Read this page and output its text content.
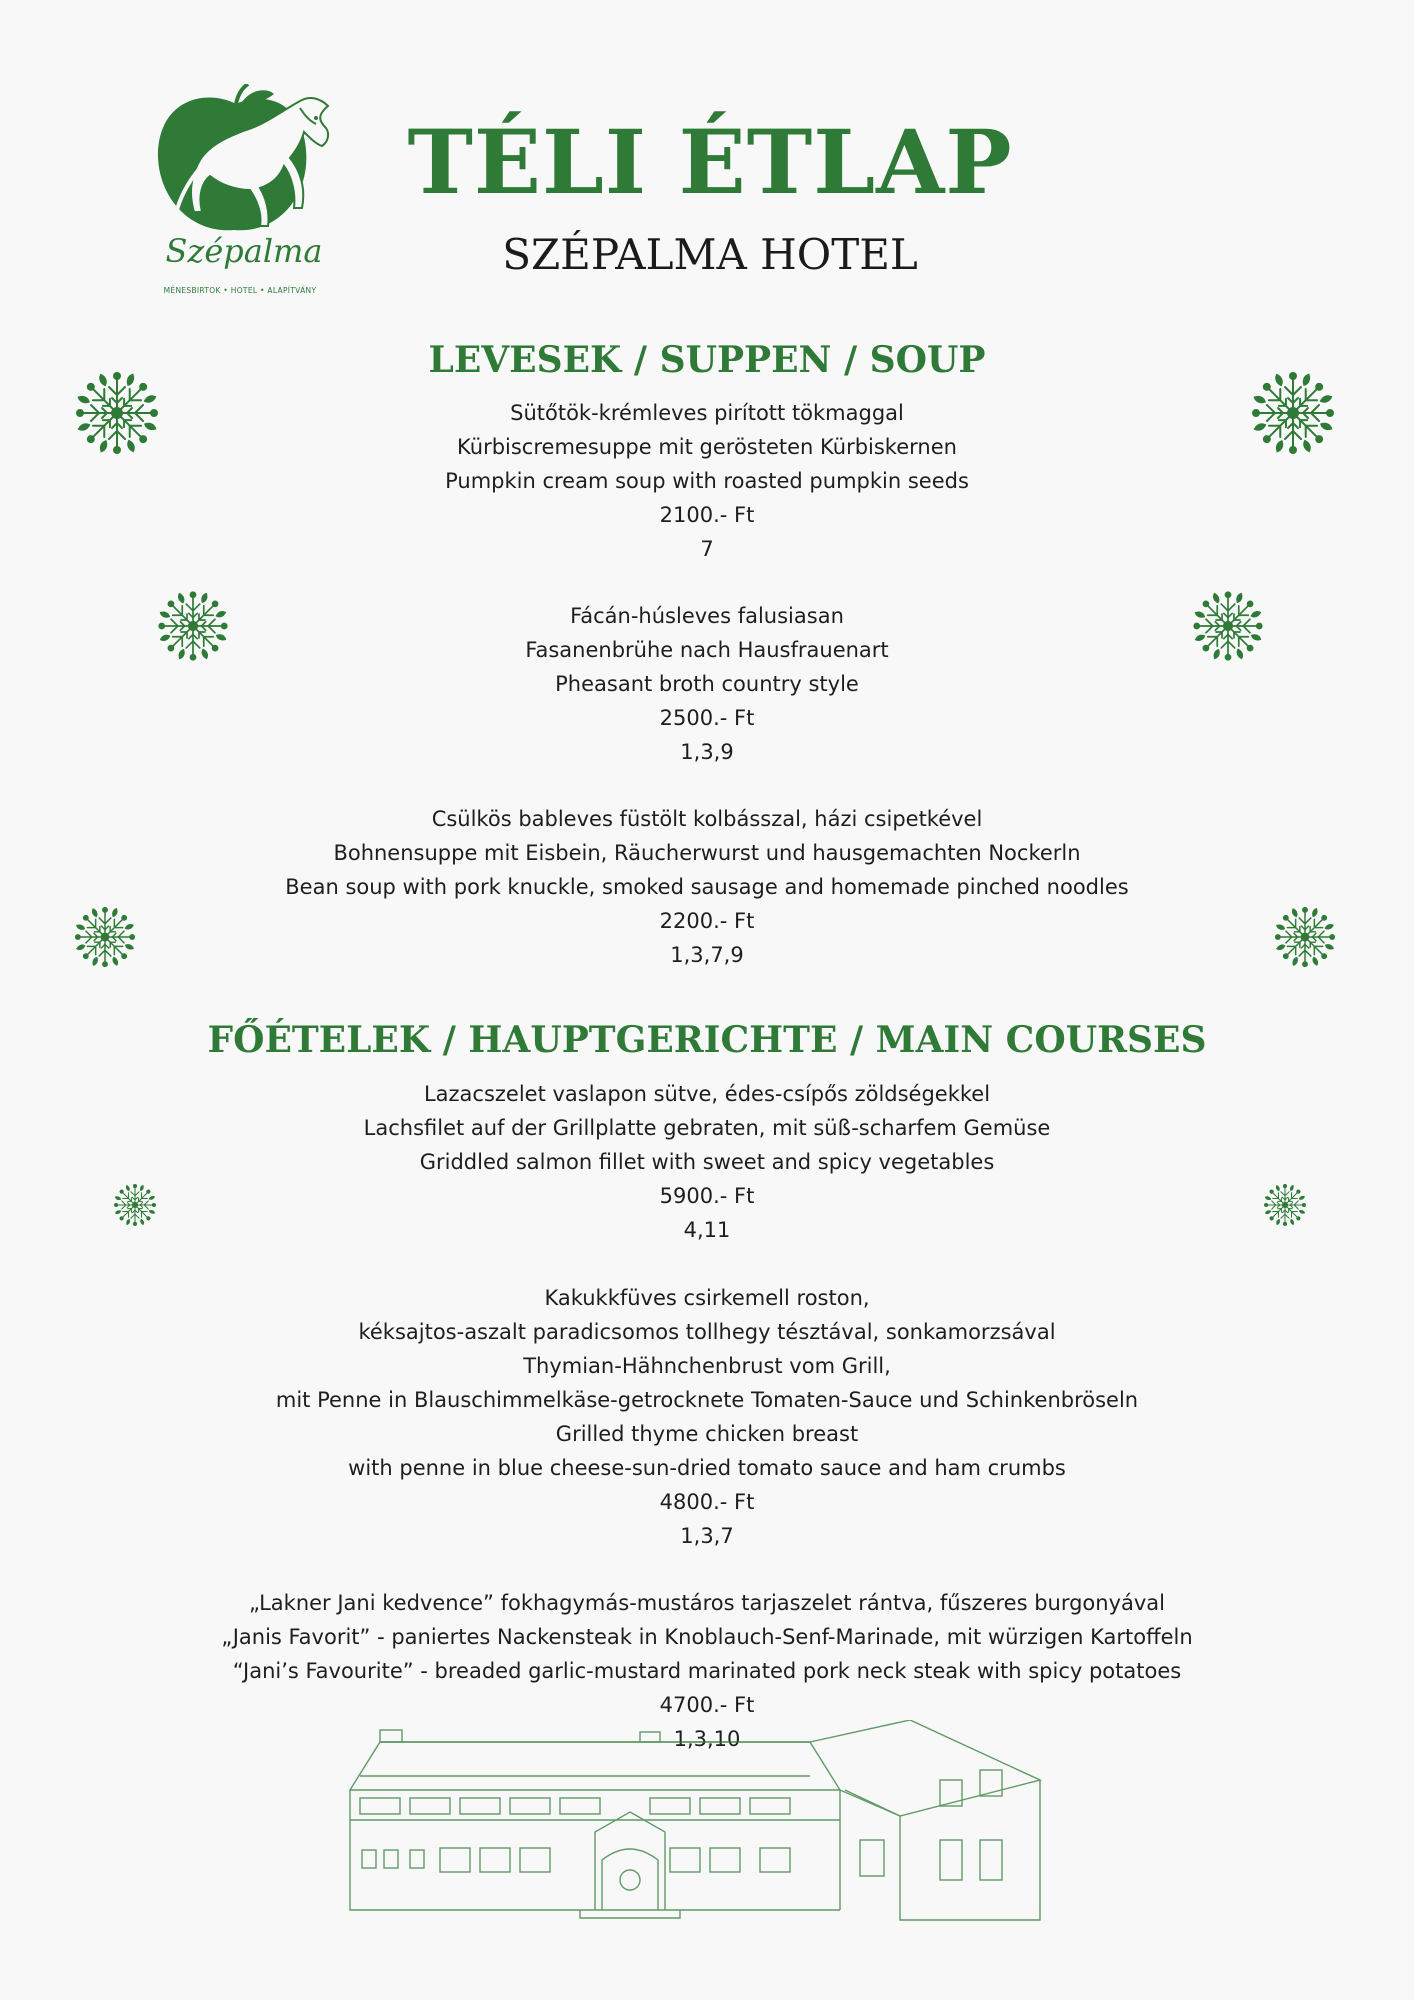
Szépalma
MÉNESBIRTOK • HOTEL • ALAPÍTVÁNY
TÉLI ÉTLAP
SZÉPALMA HOTEL
LEVESEK / SUPPEN / SOUP
FŐÉTELEK / HAUPTGERICHTE / MAIN COURSES
Sütőtök-krémleves pirított tökmaggal
Kürbiscremesuppe mit gerösteten Kürbiskernen
Pumpkin cream soup with roasted pumpkin seeds
2100.- Ft
7
Fácán-húsleves falusiasan
Fasanenbrühe nach Hausfrauenart
Pheasant broth country style
2500.- Ft
1,3,9
Csülkös bableves füstölt kolbásszal, házi csipetkével
Bohnensuppe mit Eisbein, Räucherwurst und hausgemachten Nockerln
Bean soup with pork knuckle, smoked sausage and homemade pinched noodles
2200.- Ft
1,3,7,9
Lazacszelet vaslapon sütve, édes-csípős zöldségekkel
Lachsfilet auf der Grillplatte gebraten, mit süß-scharfem Gemüse
Griddled salmon fillet with sweet and spicy vegetables
5900.- Ft
4,11
Kakukkfüves csirkemell roston,
kéksajtos-aszalt paradicsomos tollhegy tésztával, sonkamorzsával
Thymian-Hähnchenbrust vom Grill,
mit Penne in Blauschimmelkäse-getrocknete Tomaten-Sauce und Schinkenbröseln
Grilled thyme chicken breast
with penne in blue cheese-sun-dried tomato sauce and ham crumbs
4800.- Ft
1,3,7
„Lakner Jani kedvence” fokhagymás-mustáros tarjaszelet rántva, fűszeres burgonyával
„Janis Favorit” - paniertes Nackensteak in Knoblauch-Senf-Marinade, mit würzigen Kartoffeln
“Jani’s Favourite” - breaded garlic-mustard marinated pork neck steak with spicy potatoes
4700.- Ft
1,3,10
